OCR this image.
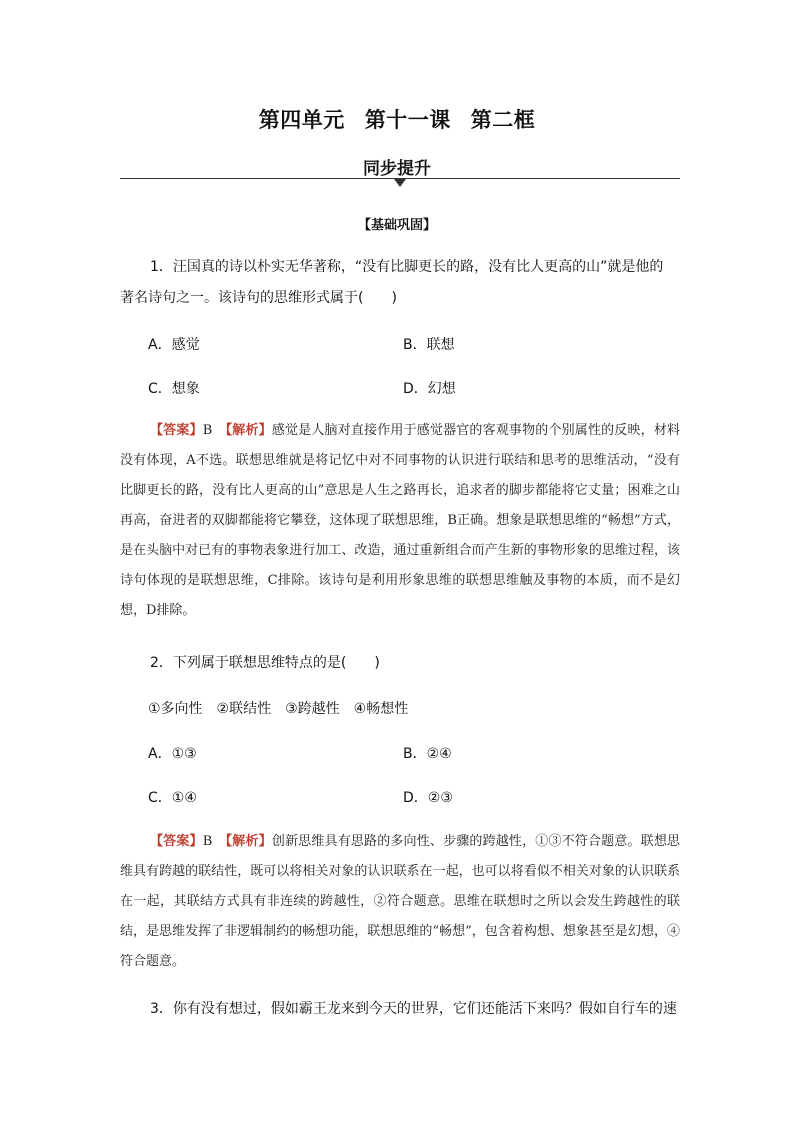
第四单元 第十一课 第二框
同步提升
【基础巩固】
1．汪国真的诗以朴实无华著称，“没有比脚更长的路，没有比人更高的山”就是他的
著名诗句之一。该诗句的思维形式属于(　　)
A．感觉	B．联想
C．想象	D．幻想
【答案】B　 【解析】感觉是人脑对直接作用于感觉器官的客观事物的个别属性的反映，材料没有体现，A不选。联想思维就是将记忆中对不同事物的认识进行联结和思考的思维活动，“没有比脚更长的路，没有比人更高的山”意思是人生之路再长，追求者的脚步都能将它丈量；困难之山再高，奋进者的双脚都能将它攀登，这体现了联想思维，B正确。想象是联想思维的“畅想”方式，是在头脑中对已有的事物表象进行加工、改造，通过重新组合而产生新的事物形象的思维过程，该诗句体现的是联想思维，C排除。该诗句是利用形象思维的联想思维触及事物的本质，而不是幻想，D排除。
2．下列属于联想思维特点的是(　　)
①多向性　②联结性　③跨越性　④畅想性
A．①③	B．②④
C．①④	D．②③
【答案】B　 【解析】创新思维具有思路的多向性、步骤的跨越性，①③不符合题意。联想思维具有跨越的联结性，既可以将相关对象的认识联系在一起，也可以将看似不相关对象的认识联系在一起，其联结方式具有非连续的跨越性，②符合题意。思维在联想时之所以会发生跨越性的联结，是思维发挥了非逻辑制约的畅想功能，联想思维的“畅想”，包含着构想、想象甚至是幻想，④符合题意。
3．你有没有想过，假如霸王龙来到今天的世界，它们还能活下来吗？假如自行车的速
